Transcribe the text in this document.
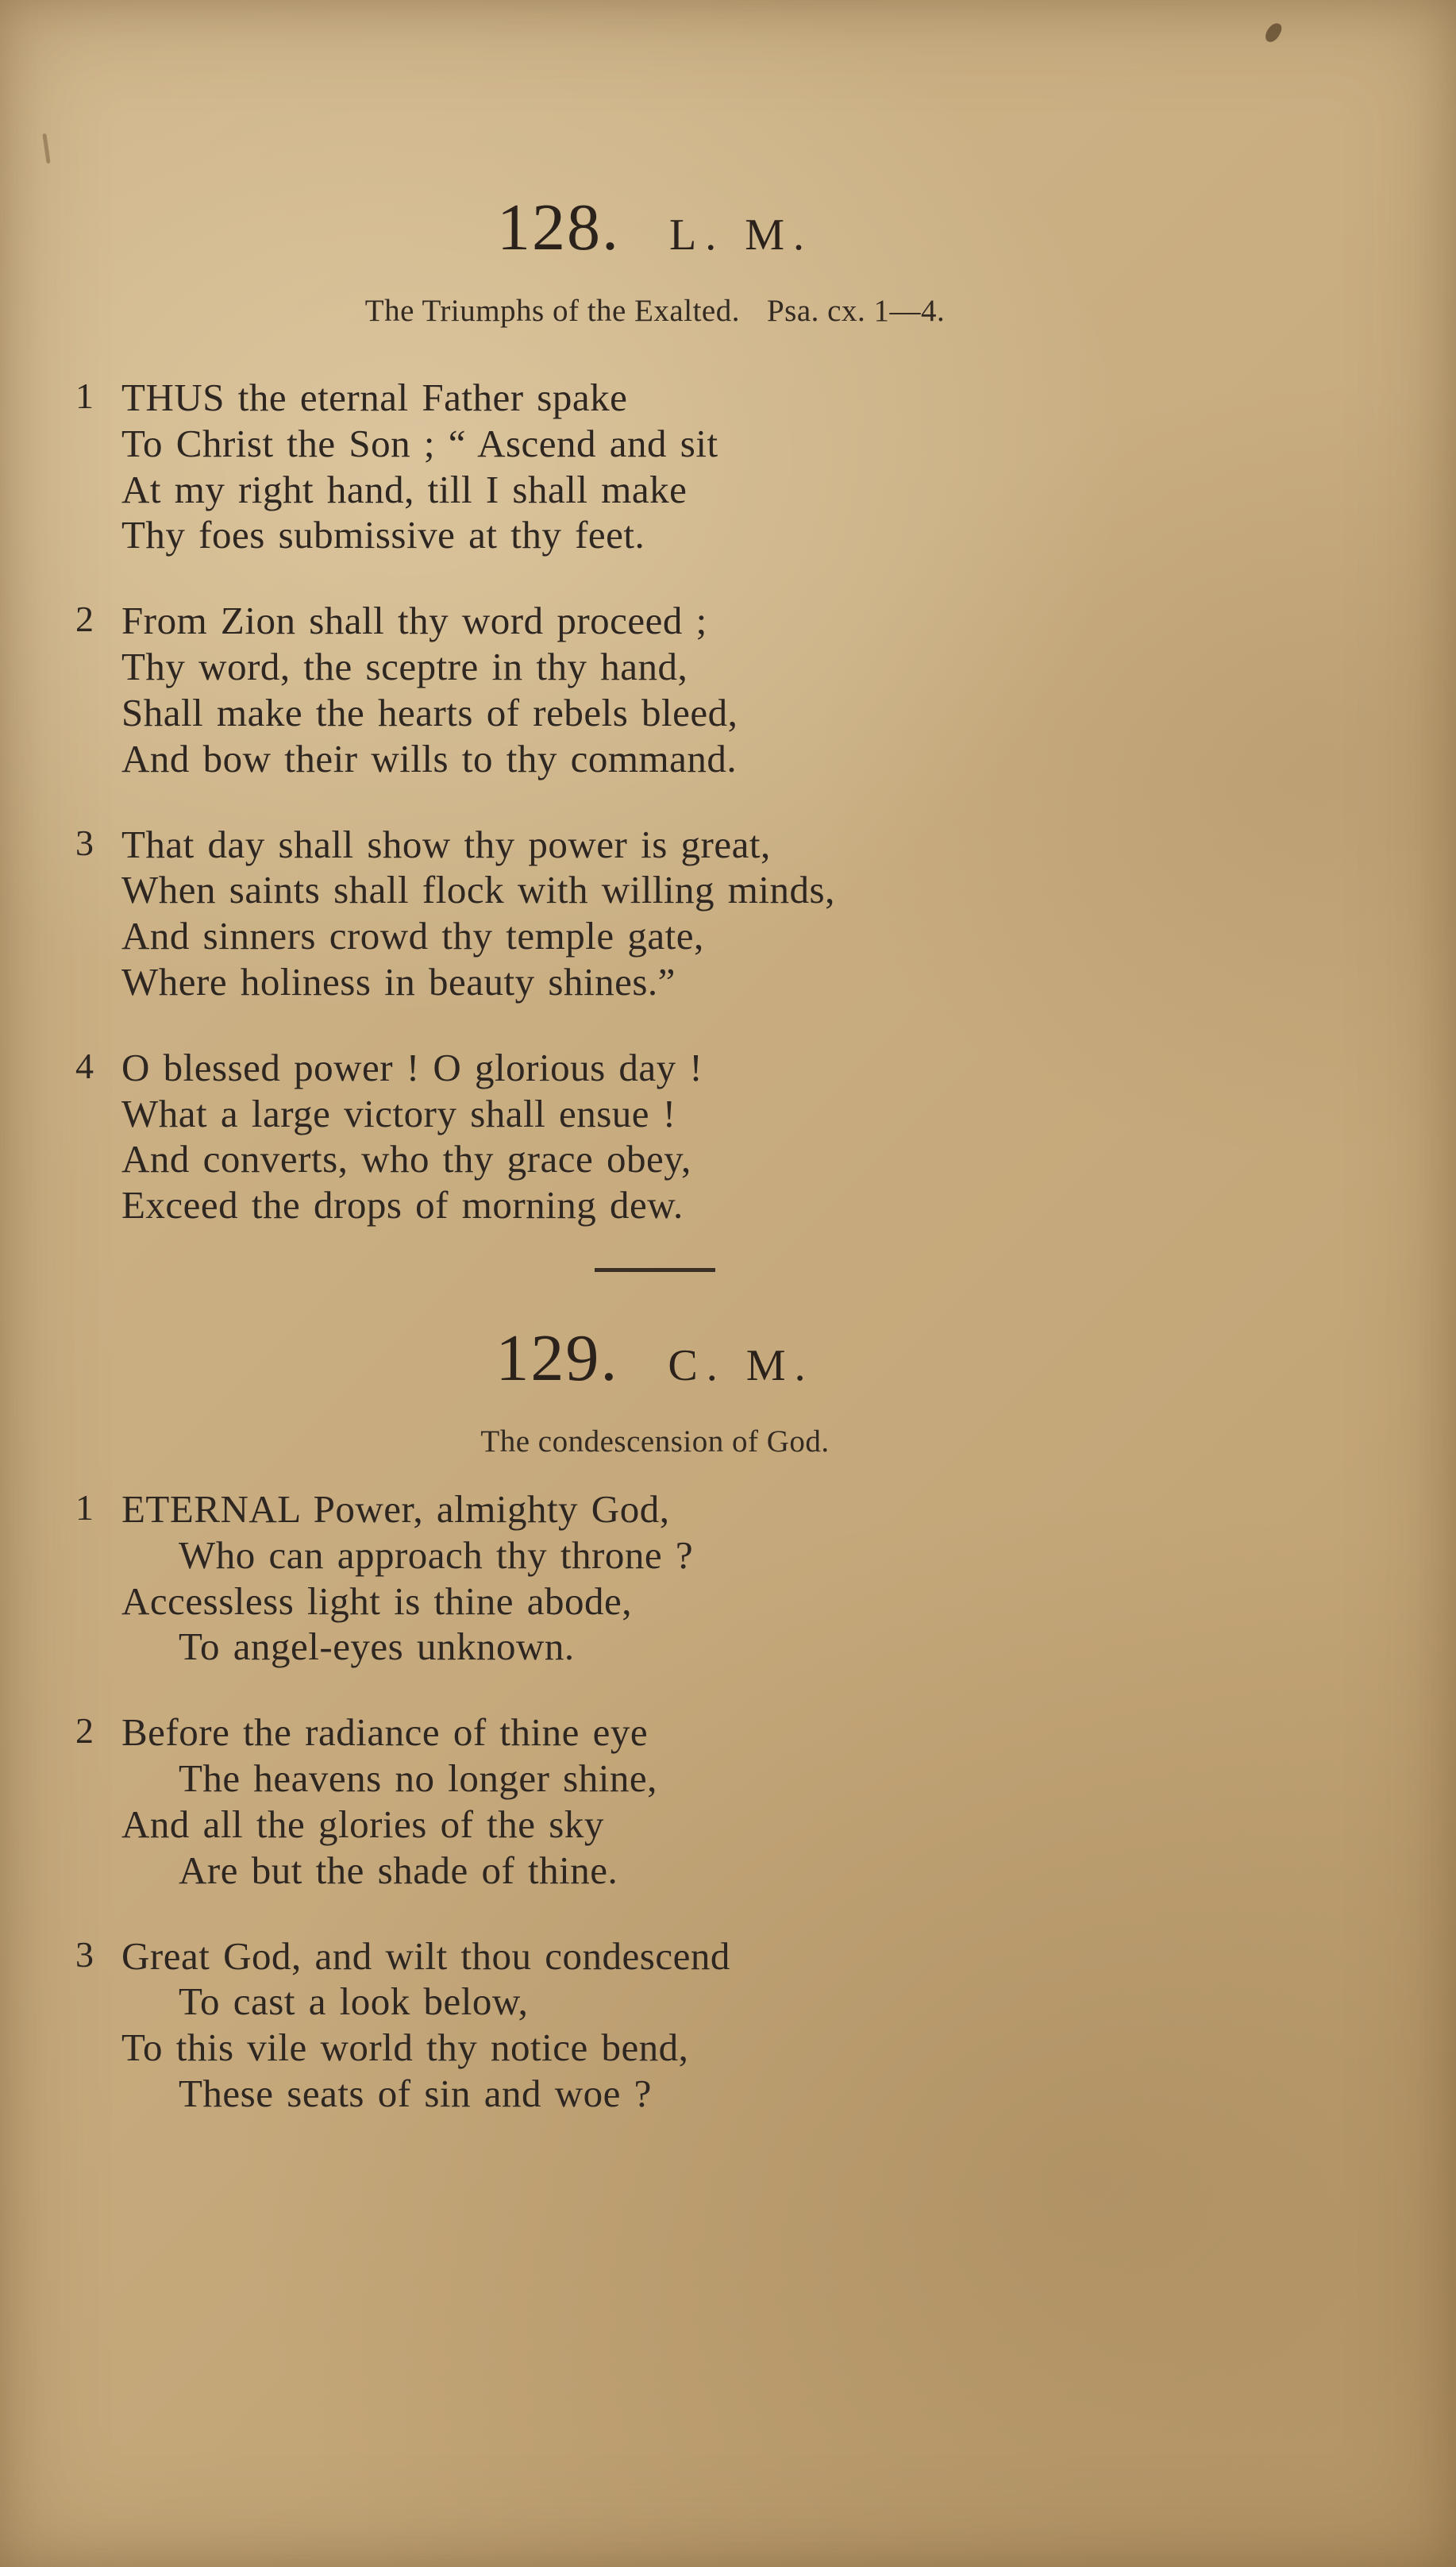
128. L. M.

The Triumphs of the Exalted. Psa. cx. 1—4.

1 THUS the eternal Father spake
To Christ the Son ; “ Ascend and sit
At my right hand, till I shall make
Thy foes submissive at thy feet.
2 From Zion shall thy word proceed ;
Thy word, the sceptre in thy hand,
Shall make the hearts of rebels bleed,
And bow their wills to thy command.
3 That day shall show thy power is great,
When saints shall flock with willing minds,
And sinners crowd thy temple gate,
Where holiness in beauty shines.”
4 O blessed power ! O glorious day !
What a large victory shall ensue !
And converts, who thy grace obey,
Exceed the drops of morning dew.
129. C. M.

The condescension of God.

1 ETERNAL Power, almighty God,
Who can approach thy throne ?
Accessless light is thine abode,
To angel-eyes unknown.
2 Before the radiance of thine eye
The heavens no longer shine,
And all the glories of the sky
Are but the shade of thine.
3 Great God, and wilt thou condescend
To cast a look below,
To this vile world thy notice bend,
These seats of sin and woe ?
